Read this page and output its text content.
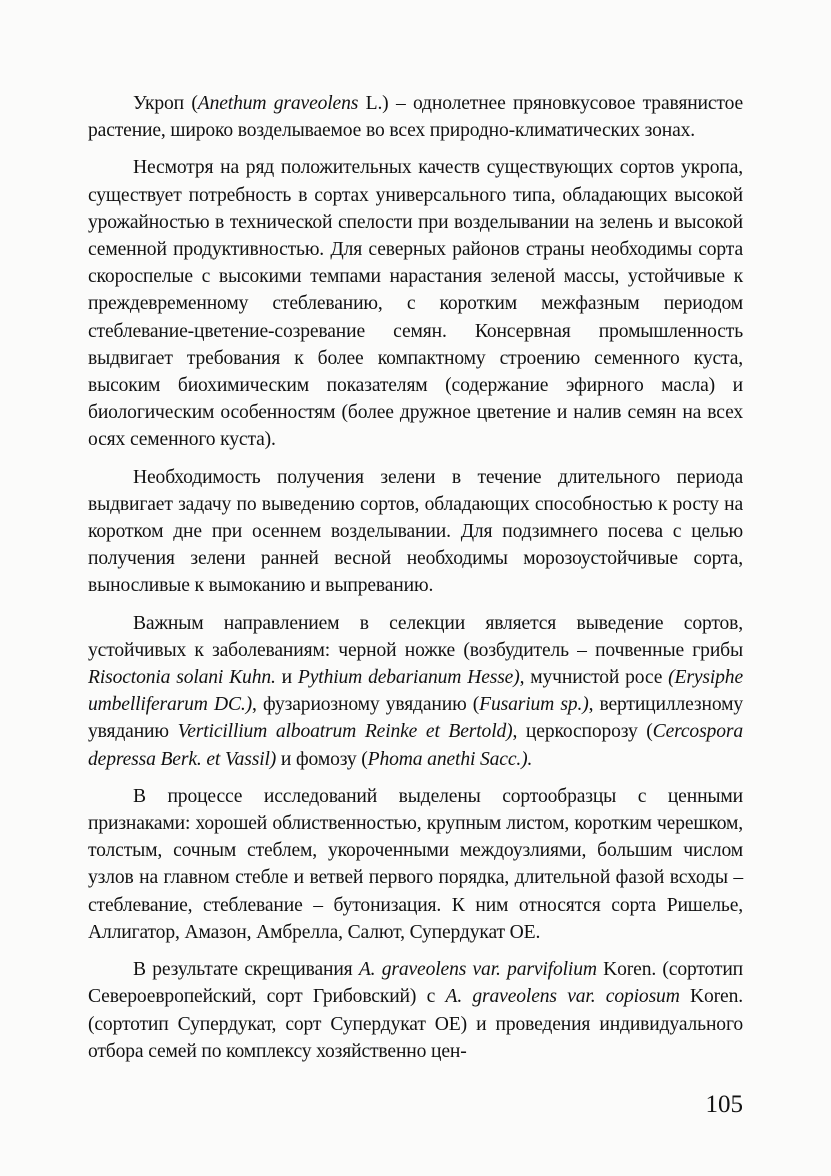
Укроп (Anethum graveolens L.) – однолетнее пряновкусовое травянистое растение, широко возделываемое во всех природно-климатических зонах.

Несмотря на ряд положительных качеств существующих сортов укропа, существует потребность в сортах универсального типа, обладающих высокой урожайностью в технической спелости при возделывании на зелень и высокой семенной продуктивностью. Для северных районов страны необходимы сорта скороспелые с высокими темпами нарастания зеленой массы, устойчивые к преждевременному стеблеванию, с коротким межфазным периодом стеблевание-цветение-созревание семян. Консервная промышленность выдвигает требования к более компактному строению семенного куста, высоким биохимическим показателям (содержание эфирного масла) и биологическим особенностям (более дружное цветение и налив семян на всех осях семенного куста).

Необходимость получения зелени в течение длительного периода выдвигает задачу по выведению сортов, обладающих способностью к росту на коротком дне при осеннем возделывании. Для подзимнего посева с целью получения зелени ранней весной необходимы морозоустойчивые сорта, выносливые к вымоканию и выпреванию.

Важным направлением в селекции является выведение сортов, устойчивых к заболеваниям: черной ножке (возбудитель – почвенные грибы Risoctonia solani Kuhn. и Pythium debarianum Hesse), мучнистой росе (Erysiphe umbelliferarum DC.), фузариозному увяданию (Fusarium sp.), вертициллезному увяданию Verticillium alboatrum Reinke et Bertold), церкоспорозу (Cercospora depressa Berk. et Vassil) и фомозу (Phoma anethi Sacc.).

В процессе исследований выделены сортообразцы с ценными признаками: хорошей облиственностью, крупным листом, коротким черешком, толстым, сочным стеблем, укороченными междоузлиями, большим числом узлов на главном стебле и ветвей первого порядка, длительной фазой всходы – стеблевание, стеблевание – бутонизация. К ним относятся сорта Ришелье, Аллигатор, Амазон, Амбрелла, Салют, Супердукат ОЕ.

В результате скрещивания A. graveolens var. parvifolium Koren. (сортотип Североевропейский, сорт Грибовский) с A. graveolens var. copiosum Koren. (сортотип Супердукат, сорт Супердукат ОЕ) и проведения индивидуального отбора семей по комплексу хозяйственно цен-

105
